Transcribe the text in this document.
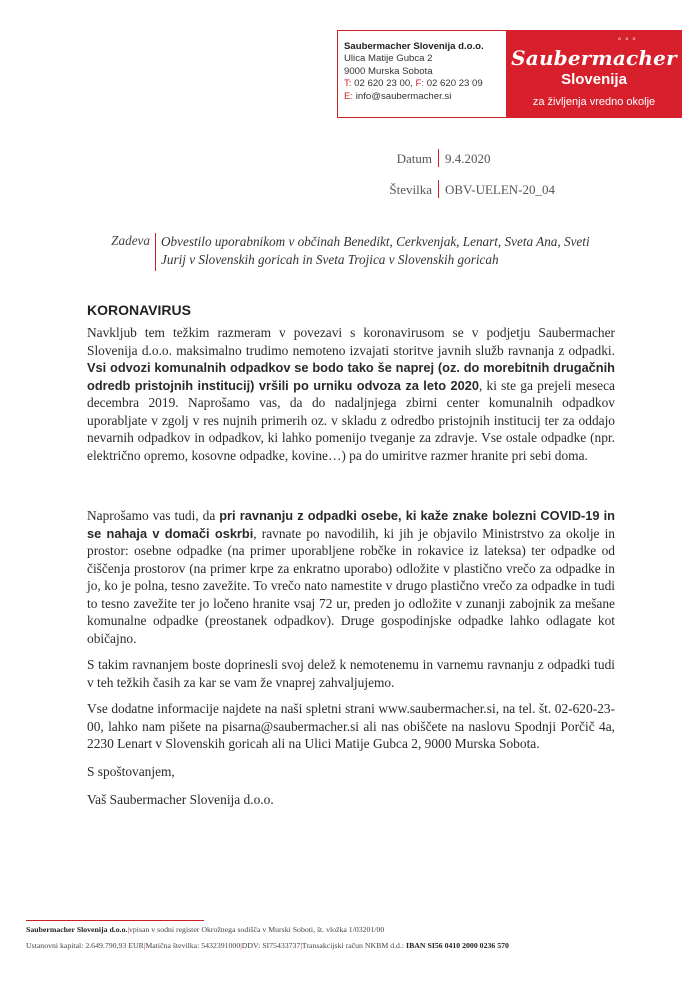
Saubermacher Slovenija d.o.o.
Ulica Matije Gubca 2
9000 Murska Sobota
T: 02 620 23 00, F: 02 620 23 09
E: info@saubermacher.si
° ° °
Saubermacher
Slovenija
za življenja vredno okolje
Datum 9.4.2020
Številka OBV-UELEN-20_04
Zadeva Obvestilo uporabnikom v občinah Benedikt, Cerkvenjak, Lenart, Sveta Ana, Sveti Jurij v Slovenskih goricah in Sveta Trojica v Slovenskih goricah
KORONAVIRUS
Navkljub tem težkim razmeram v povezavi s koronavirusom se v podjetju Saubermacher Slovenija d.o.o. maksimalno trudimo nemoteno izvajati storitve javnih služb ravnanja z odpadki. Vsi odvozi komunalnih odpadkov se bodo tako še naprej (oz. do morebitnih drugačnih odredb pristojnih institucij) vršili po urniku odvoza za leto 2020, ki ste ga prejeli meseca decembra 2019. Naprošamo vas, da do nadaljnjega zbirni center komunalnih odpadkov uporabljate v zgolj v res nujnih primerih oz. v skladu z odredbo pristojnih institucij ter za oddajo nevarnih odpadkov in odpadkov, ki lahko pomenijo tveganje za zdravje. Vse ostale odpadke (npr. električno opremo, kosovne odpadke, kovine…) pa do umiritve razmer hranite pri sebi doma.
Naprošamo vas tudi, da pri ravnanju z odpadki osebe, ki kaže znake bolezni COVID-19 in se nahaja v domači oskrbi, ravnate po navodilih, ki jih je objavilo Ministrstvo za okolje in prostor: osebne odpadke (na primer uporabljene robčke in rokavice iz lateksa) ter odpadke od čiščenja prostorov (na primer krpe za enkratno uporabo) odložite v plastično vrečo za odpadke in jo, ko je polna, tesno zavežite. To vrečo nato namestite v drugo plastično vrečo za odpadke in tudi to tesno zavežite ter jo ločeno hranite vsaj 72 ur, preden jo odložite v zunanji zabojnik za mešane komunalne odpadke (preostanek odpadkov). Druge gospodinjske odpadke lahko odlagate kot običajno.
S takim ravnanjem boste doprinesli svoj delež k nemotenemu in varnemu ravnanju z odpadki tudi v teh težkih časih za kar se vam že vnaprej zahvaljujemo.
Vse dodatne informacije najdete na naši spletni strani www.saubermacher.si, na tel. št. 02-620-23-00, lahko nam pišete na pisarna@saubermacher.si ali nas obiščete na naslovu Spodnji Porčič 4a, 2230 Lenart v Slovenskih goricah ali na Ulici Matije Gubca 2, 9000 Murska Sobota.
S spoštovanjem,
Vaš Saubermacher Slovenija d.o.o.
Saubermacher Slovenija d.o.o.|vpisan v sodni register Okrožnega sodišča v Murski Soboti, št. vložka 1/03201/00
Ustanovni kapital: 2.649.790,93 EUR|Matična številka: 5432391000|DDV: SI75433737|Transakcijski račun NKBM d.d.: IBAN SI56 0410 2000 0236 570
